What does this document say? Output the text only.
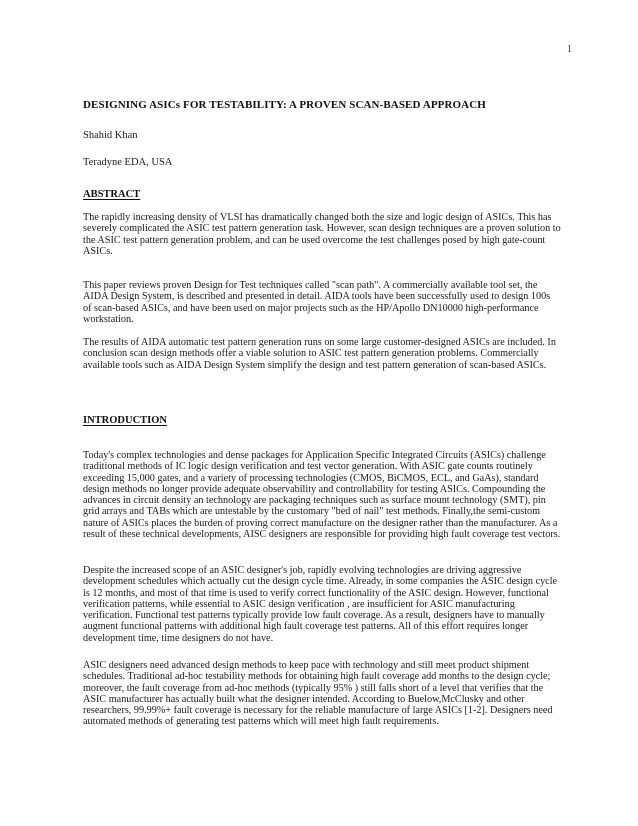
1
DESIGNING ASICs FOR TESTABILITY: A PROVEN SCAN-BASED APPROACH
Shahid Khan
Teradyne EDA, USA
ABSTRACT

The rapidly increasing density of VLSI has dramatically changed both the size and logic design of ASICs. This has severely complicated the ASIC test pattern generation task. However, scan design techniques are a proven solution to the ASIC test pattern generation problem, and can be used overcome the test challenges posed by high gate-count ASICs.

This paper reviews proven Design for Test techniques called "scan path". A commercially available tool set, the AIDA Design System, is described and presented in detail. AIDA tools have been successfully used to design 100s of scan-based ASICs, and have been used on major projects such as the HP/Apollo DN10000 high-performance workstation.

The results of AIDA automatic test pattern generation runs on some large customer-designed ASICs are included. In conclusion scan design methods offer a viable solution to ASIC test pattern generation problems. Commercially available tools such as AIDA Design System simplify the design and test pattern generation of scan-based ASICs.

INTRODUCTION

Today's complex technologies and dense packages for Application Specific Integrated Circuits (ASICs) challenge traditional methods of IC logic design verification and test vector generation. With ASIC gate counts routinely exceeding 15,000 gates, and a variety of processing technologies (CMOS, BiCMOS, ECL, and GaAs), standard design methods no longer provide adequate observability and controllability for testing ASICs. Compounding the advances in circuit density an technology are packaging techniques such as surface mount technology (SMT), pin grid arrays and TABs which are untestable by the customary "bed of nail" test methods. Finally,the semi-custom nature of ASICs places the burden of proving correct manufacture on the designer rather than the manufacturer. As a result of these technical developments, AISC designers are responsible for providing high fault coverage test vectors.

Despite the increased scope of an ASIC designer's job, rapidly evolving technologies are driving aggressive development schedules which actually cut the design cycle time. Already, in some companies the ASIC design cycle is 12 months, and most of that time is used to verify correct functionality of the ASIC design. However, functional verification patterns, while essential to ASIC design verification , are insufficient for ASIC manufacturing verification. Functional test patterns typically provide low fault coverage. As a result, designers have to manually augment functional patterns with additional high fault coverage test patterns. All of this effort requires longer development time, time designers do not have.

ASIC designers need advanced design methods to keep pace with technology and still meet product shipment schedules. Traditional ad-hoc testability methods for obtaining high fault coverage add months to the design cycle; moreover, the fault coverage from ad-hoc methods (typically 95% ) still falls short of a level that verifies that the ASIC manufacturer has actually built what the designer intended. According to Buelow,McClusky and other researchers, 99.99%+ fault coverage is necessary for the reliable manufacture of large ASICs [1-2]. Designers need automated methods of generating test patterns which will meet high fault requirements.
